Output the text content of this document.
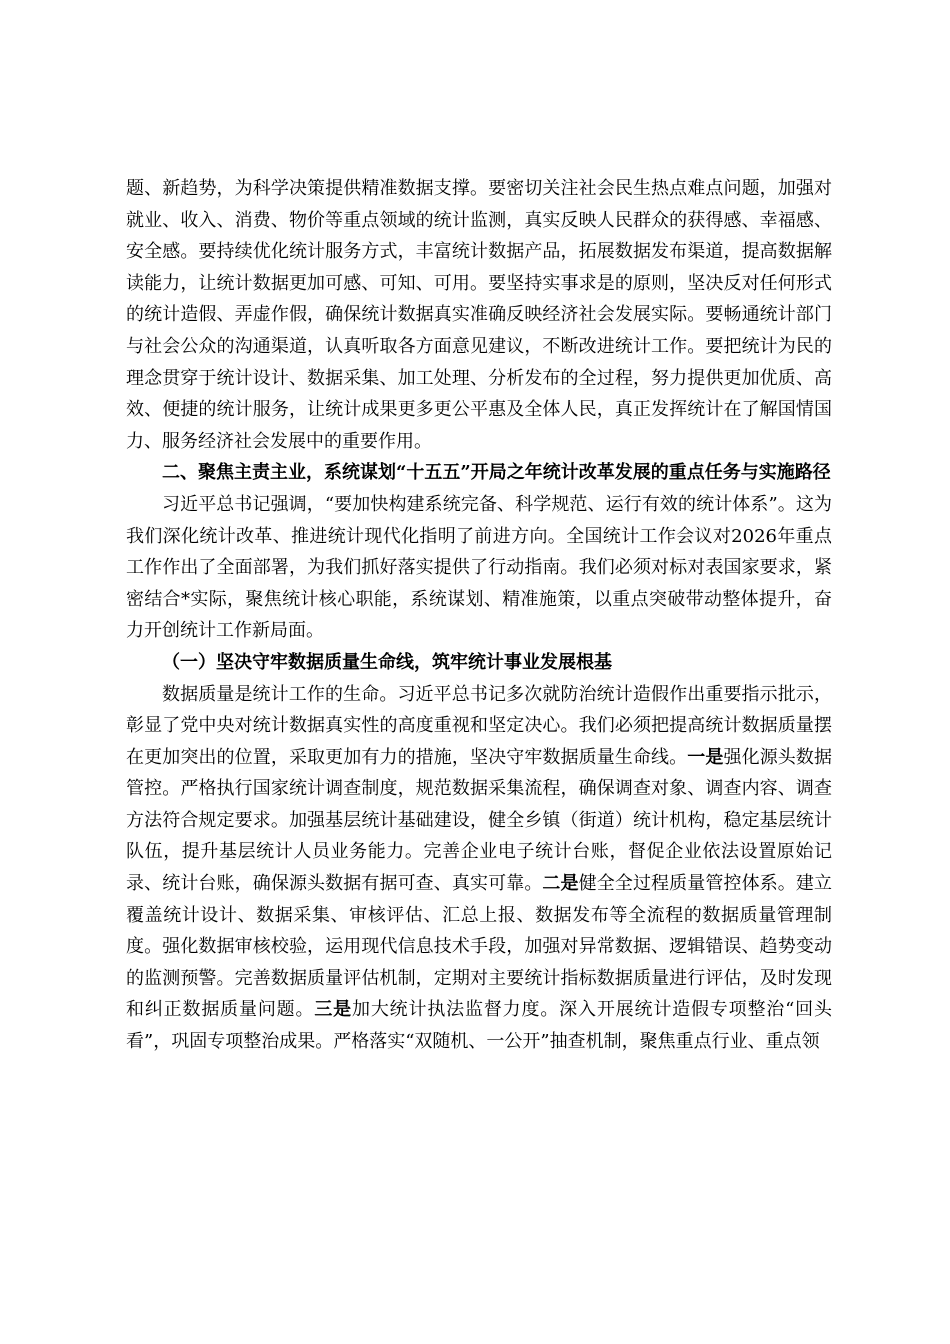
题、新趋势，为科学决策提供精准数据支撑。要密切关注社会民生热点难点问题，加强对就业、收入、消费、物价等重点领域的统计监测，真实反映人民群众的获得感、幸福感、安全感。要持续优化统计服务方式，丰富统计数据产品，拓展数据发布渠道，提高数据解读能力，让统计数据更加可感、可知、可用。要坚持实事求是的原则，坚决反对任何形式的统计造假、弄虚作假，确保统计数据真实准确反映经济社会发展实际。要畅通统计部门与社会公众的沟通渠道，认真听取各方面意见建议，不断改进统计工作。要把统计为民的理念贯穿于统计设计、数据采集、加工处理、分析发布的全过程，努力提供更加优质、高效、便捷的统计服务，让统计成果更多更公平惠及全体人民，真正发挥统计在了解国情国力、服务经济社会发展中的重要作用。

二、聚焦主责主业，系统谋划“十五五”开局之年统计改革发展的重点任务与实施路径

习近平总书记强调，“要加快构建系统完备、科学规范、运行有效的统计体系”。这为我们深化统计改革、推进统计现代化指明了前进方向。全国统计工作会议对2026年重点工作作出了全面部署，为我们抓好落实提供了行动指南。我们必须对标对表国家要求，紧密结合*实际，聚焦统计核心职能，系统谋划、精准施策，以重点突破带动整体提升，奋力开创统计工作新局面。

（一）坚决守牢数据质量生命线，筑牢统计事业发展根基

数据质量是统计工作的生命。习近平总书记多次就防治统计造假作出重要指示批示，彰显了党中央对统计数据真实性的高度重视和坚定决心。我们必须把提高统计数据质量摆在更加突出的位置，采取更加有力的措施，坚决守牢数据质量生命线。一是强化源头数据管控。严格执行国家统计调查制度，规范数据采集流程，确保调查对象、调查内容、调查方法符合规定要求。加强基层统计基础建设，健全乡镇（街道）统计机构，稳定基层统计队伍，提升基层统计人员业务能力。完善企业电子统计台账，督促企业依法设置原始记录、统计台账，确保源头数据有据可查、真实可靠。二是健全全过程质量管控体系。建立覆盖统计设计、数据采集、审核评估、汇总上报、数据发布等全流程的数据质量管理制度。强化数据审核校验，运用现代信息技术手段，加强对异常数据、逻辑错误、趋势变动的监测预警。完善数据质量评估机制，定期对主要统计指标数据质量进行评估，及时发现和纠正数据质量问题。三是加大统计执法监督力度。深入开展统计造假专项整治“回头看”，巩固专项整治成果。严格落实“双随机、一公开”抽查机制，聚焦重点行业、重点领
